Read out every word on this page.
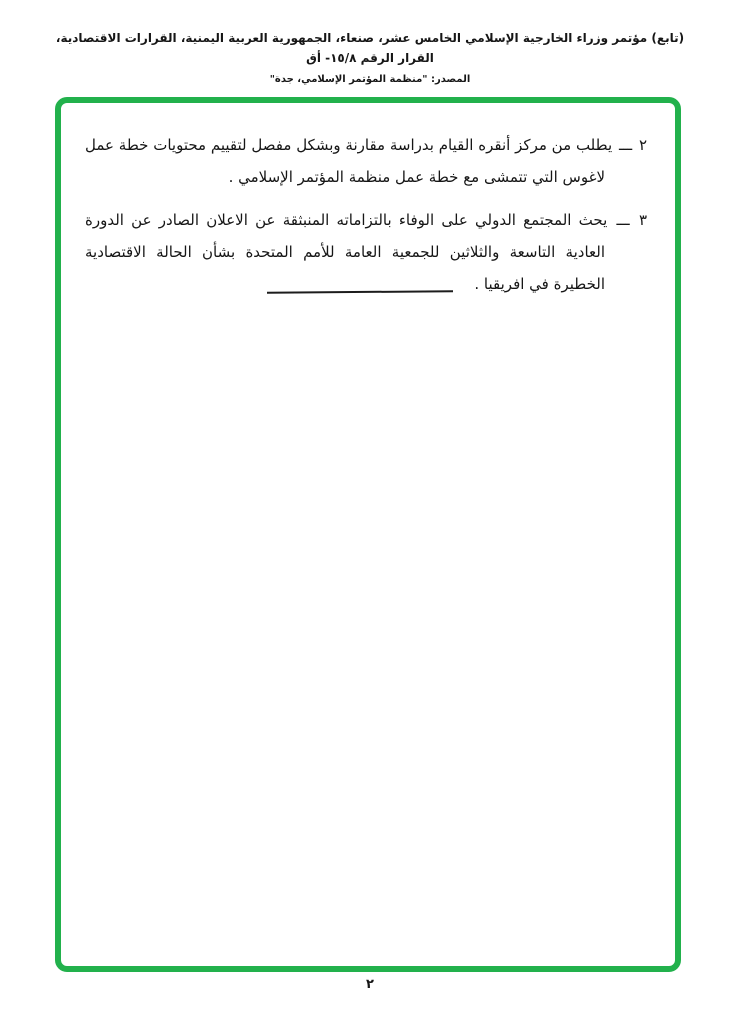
(تابع) مؤتمر وزراء الخارجية الإسلامي الخامس عشر، صنعاء، الجمهورية العربية اليمنية، القرارات الاقتصادية، القرار الرقم ١٥/٨- أق
المصدر: "منظمة المؤتمر الإسلامي، جدة"

٢ ـــ يطلب من مركز أنقره القيام بدراسة مقارنة وبشكل مفصل لتقييم محتويات خطة عمل لاغوس التي تتمشى مع خطة عمل منظمة المؤتمر الإسلامي .

٣ ـــ يحث المجتمع الدولي على الوفاء بالتزاماته المنبثقة عن الاعلان الصادر عن الدورة العادية التاسعة والثلاثين للجمعية العامة للأمم المتحدة بشأن الحالة الاقتصادية الخطيرة في افريقيا .

٢
